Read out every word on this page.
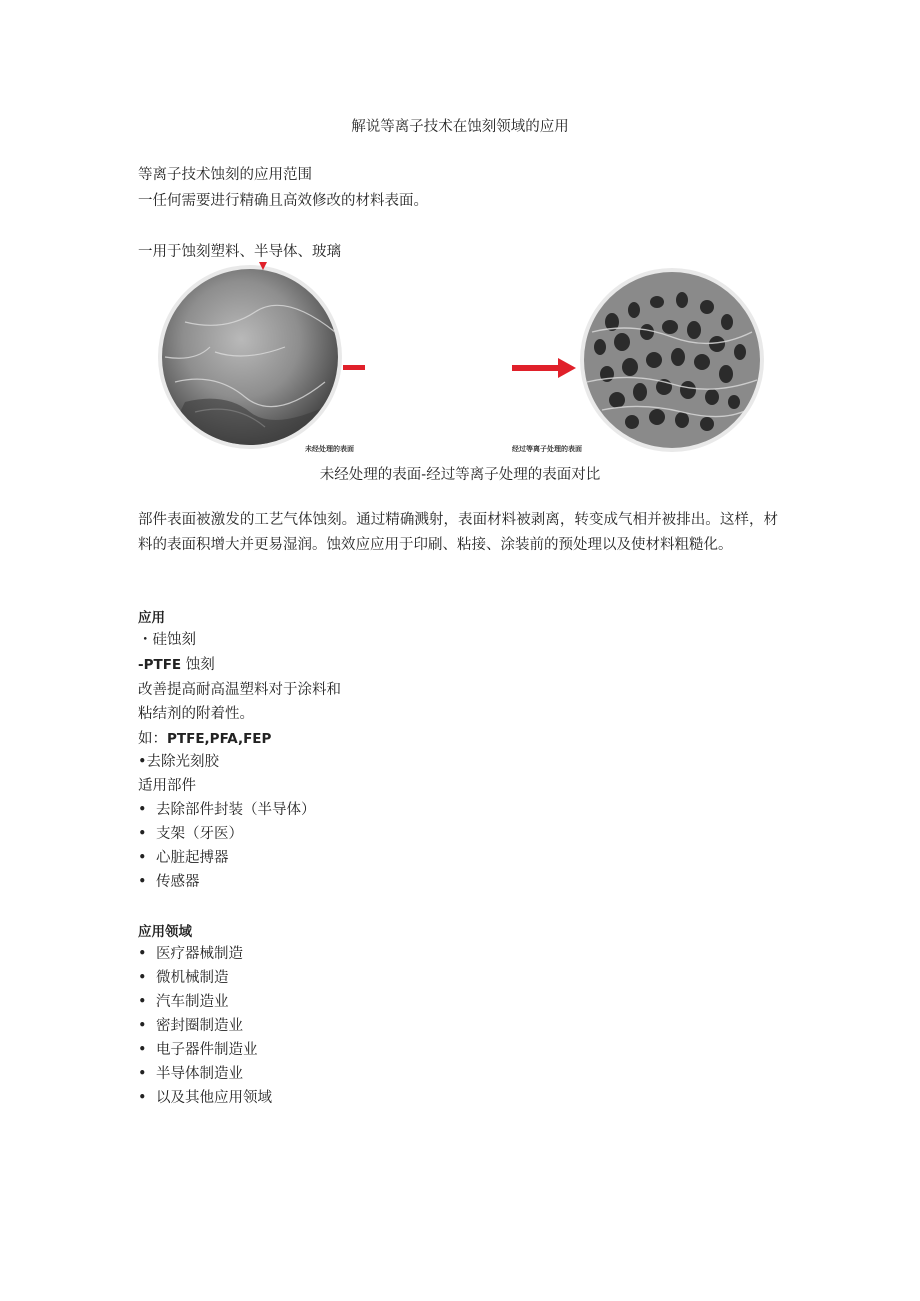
解说等离子技术在蚀刻领域的应用
等离子技术蚀刻的应用范围
一任何需要进行精确且高效修改的材料表面。
一用于蚀刻塑料、半导体、玻璃
未经处理的表面	经过等离子处理的表面
未经处理的表面-经过等离子处理的表面对比
部件表面被激发的工艺气体蚀刻。通过精确溅射，表面材料被剥离，转变成气相并被排出。这样，材料的表面积增大并更易湿润。蚀效应应用于印刷、粘接、涂装前的预处理以及使材料粗糙化。
应用
・硅蚀刻
-PTFE 蚀刻
改善提高耐高温塑料对于涂料和
粘结剂的附着性。
如：PTFE,PFA,FEP
•去除光刻胶
适用部件
• 去除部件封装（半导体）
• 支架（牙医）
• 心脏起搏器
• 传感器
应用领域
• 医疗器械制造
• 微机械制造
• 汽车制造业
• 密封圈制造业
• 电子器件制造业
• 半导体制造业
• 以及其他应用领域
